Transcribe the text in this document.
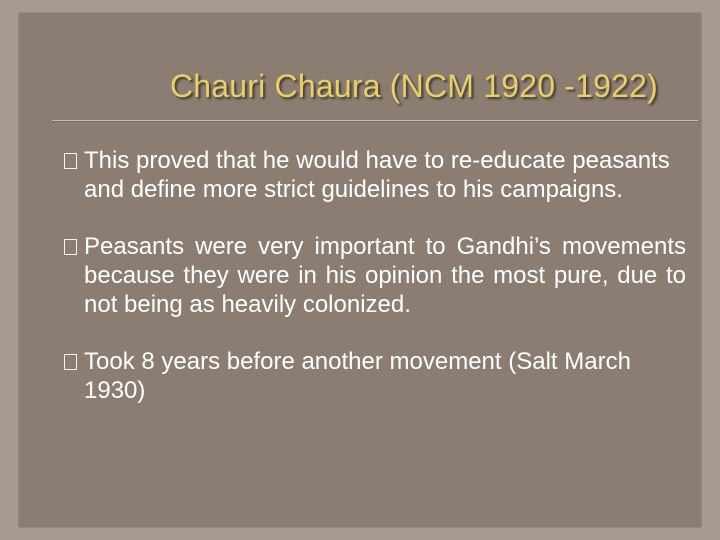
Chauri Chaura (NCM 1920 -1922)
This proved that he would have to re-educate peasants and define more strict guidelines to his campaigns.
Peasants were very important to Gandhi’s movements because they were in his opinion the most pure, due to not being as heavily colonized.
Took 8 years before another movement (Salt March 1930)
